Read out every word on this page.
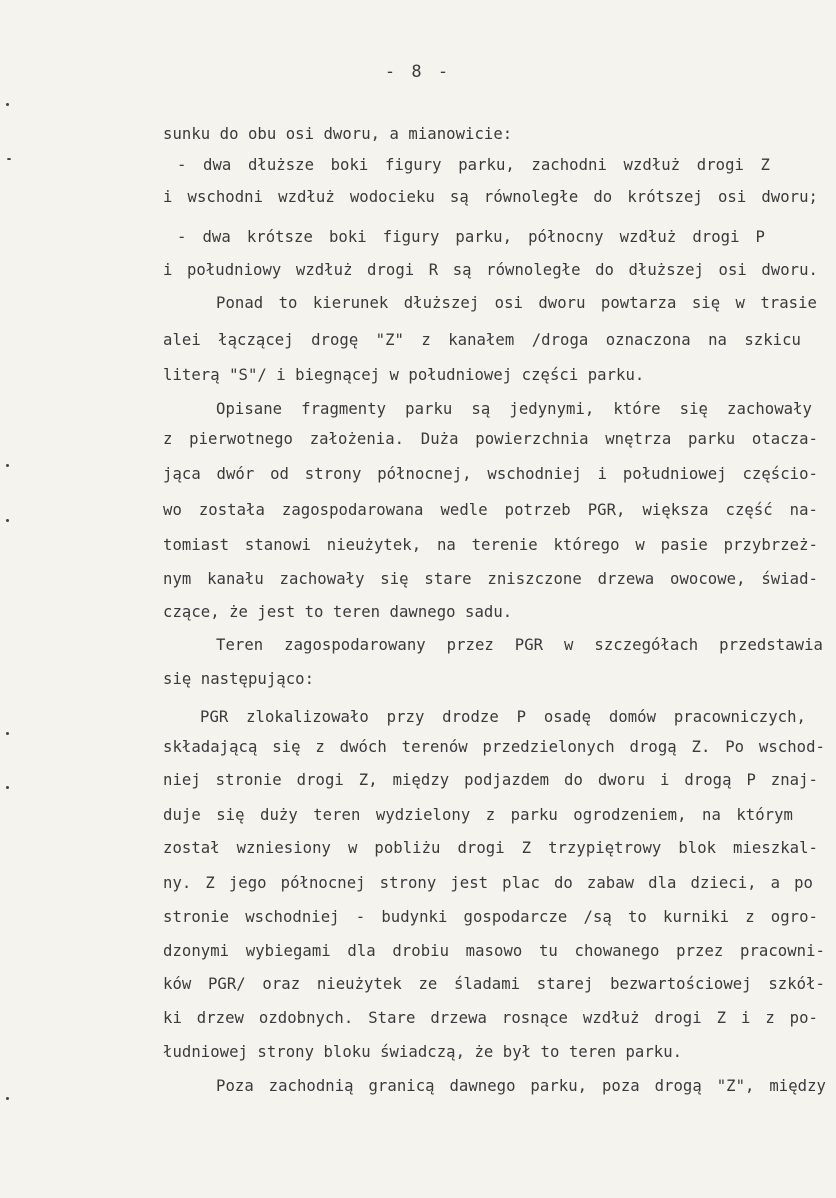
- 8 -
sunku do obu osi dworu, a mianowicie:
- dwa dłuższe boki figury parku, zachodni wzdłuż drogi Z
i wschodni wzdłuż wodocieku są równoległe do krótszej osi dworu;
- dwa krótsze boki figury parku, północny wzdłuż drogi P
i południowy wzdłuż drogi R są równoległe do dłuższej osi dworu.
Ponad to kierunek dłuższej osi dworu powtarza się w trasie
alei łączącej drogę "Z" z kanałem /droga oznaczona na szkicu
literą "S"/ i biegnącej w południowej części parku.
Opisane fragmenty parku są jedynymi, które się zachowały
z pierwotnego założenia. Duża powierzchnia wnętrza parku otacza-
jąca dwór od strony północnej, wschodniej i południowej częścio-
wo została zagospodarowana wedle potrzeb PGR, większa część na-
tomiast stanowi nieużytek, na terenie którego w pasie przybrzeż-
nym kanału zachowały się stare zniszczone drzewa owocowe, świad-
czące, że jest to teren dawnego sadu.
Teren zagospodarowany przez PGR w szczegółach przedstawia
się następująco:
PGR zlokalizowało przy drodze P osadę domów pracowniczych,
składającą się z dwóch terenów przedzielonych drogą Z. Po wschod-
niej stronie drogi Z, między podjazdem do dworu i drogą P znaj-
duje się duży teren wydzielony z parku ogrodzeniem, na którym
został wzniesiony w pobliżu drogi Z trzypiętrowy blok mieszkal-
ny. Z jego północnej strony jest plac do zabaw dla dzieci, a po
stronie wschodniej - budynki gospodarcze /są to kurniki z ogro-
dzonymi wybiegami dla drobiu masowo tu chowanego przez pracowni-
ków PGR/ oraz nieużytek ze śladami starej bezwartościowej szkół-
ki drzew ozdobnych. Stare drzewa rosnące wzdłuż drogi Z i z po-
łudniowej strony bloku świadczą, że był to teren parku.
Poza zachodnią granicą dawnego parku, poza drogą "Z", między
